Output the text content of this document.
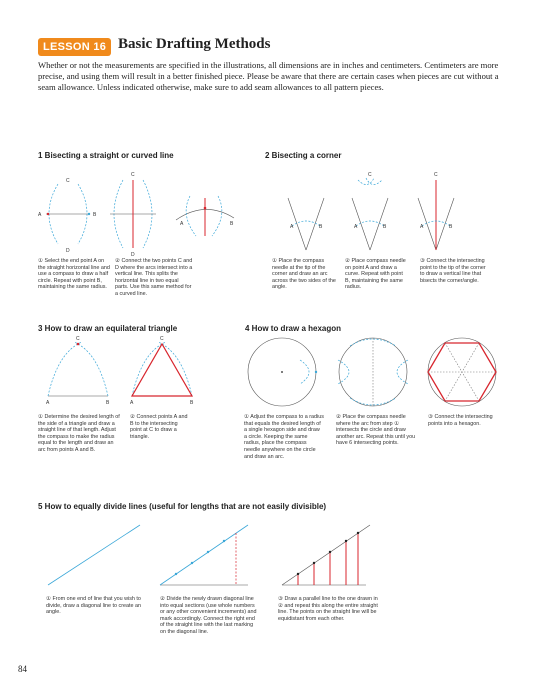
LESSON 16 Basic Drafting Methods
Whether or not the measurements are specified in the illustrations, all dimensions are in inches and centimeters. Centimeters are more precise, and using them will result in a better finished piece. Please be aware that there are certain cases when pieces are cut without a seam allowance. Unless indicated otherwise, make sure to add seam allowances to all pattern pieces.
1 Bisecting a straight or curved line	2 Bisecting a corner
3 How to draw an equilateral triangle	4 How to draw a hexagon
5 How to equally divide lines (useful for lengths that are not easily divisible)
C
A	B
D
C
D
A	B	A	B
C
A	B
C
A	B
C
A	B
C
A	B
① Select the end point A on the straight horizontal line and use a compass to draw a half circle. Repeat with point B, maintaining the same radius.
② Connect the two points C and D where the arcs intersect into a vertical line. This splits the horizontal line in two equal parts. Use this same method for a curved line.
① Place the compass needle at the tip of the corner and draw an arc across the two sides of the angle.
② Place compass needle on point A and draw a curve. Repeat with point B, maintaining the same radius.
③ Connect the intersecting point to the tip of the corner to draw a vertical line that bisects the corner/angle.
① Determine the desired length of the side of a triangle and draw a straight line of that length. Adjust the compass to make the radius equal to the length and draw an arc from points A and B.
② Connect points A and B to the intersecting point at C to draw a triangle.
① Adjust the compass to a radius that equals the desired length of a single hexagon side and draw a circle. Keeping the same radius, place the compass needle anywhere on the circle and draw an arc.
② Place the compass needle where the arc from step ① intersects the circle and draw another arc. Repeat this until you have 6 intersecting points.
③ Connect the intersecting points into a hexagon.
① From one end of line that you wish to divide, draw a diagonal line to create an angle.
② Divide the newly drawn diagonal line into equal sections (use whole numbers or any other convenient increments) and mark accordingly. Connect the right end of the straight line with the last marking on the diagonal line.
③ Draw a parallel line to the one drawn in ② and repeat this along the entire straight line. The points on the straight line will be equidistant from each other.
84
